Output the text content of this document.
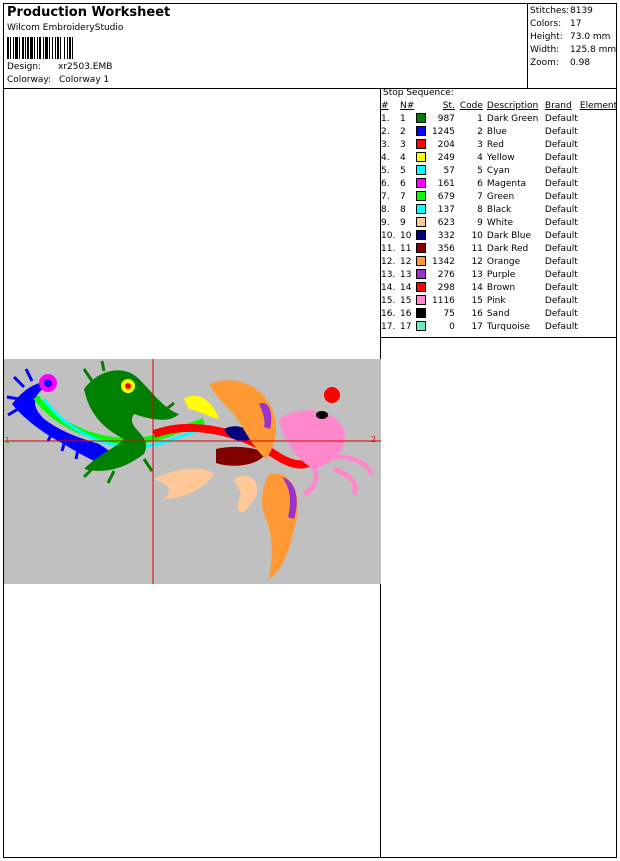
Production Worksheet
Wilcom EmbroideryStudio
Design: xr2503.EMB
Colorway: Colorway 1
Stitches: 8139
Colors: 17
Height: 73.0 mm
Width:	125.8 mm
Zoom:	0.98
Stop Sequence:
#	N#		St.	Code	Description	Brand	Element
1.	1		987	1	Dark Green	Default	
2.	2		1245	2	Blue	Default	
3.	3		204	3	Red	Default	
4.	4		249	4	Yellow	Default	
5.	5		57	5	Cyan	Default	
6.	6		161	6	Magenta	Default	
7.	7		679	7	Green	Default	
8.	8		137	8	Black	Default	
9.	9		623	9	White	Default	
10.	10		332	10	Dark Blue	Default	
11.	11		356	11	Dark Red	Default	
12.	12		1342	12	Orange	Default	
13.	13		276	13	Purple	Default	
14.	14		298	14	Brown	Default	
15.	15		1116	15	Pink	Default	
16.	16		75	16	Sand	Default	
17.	17		0	17	Turquoise	Default	
1	2
